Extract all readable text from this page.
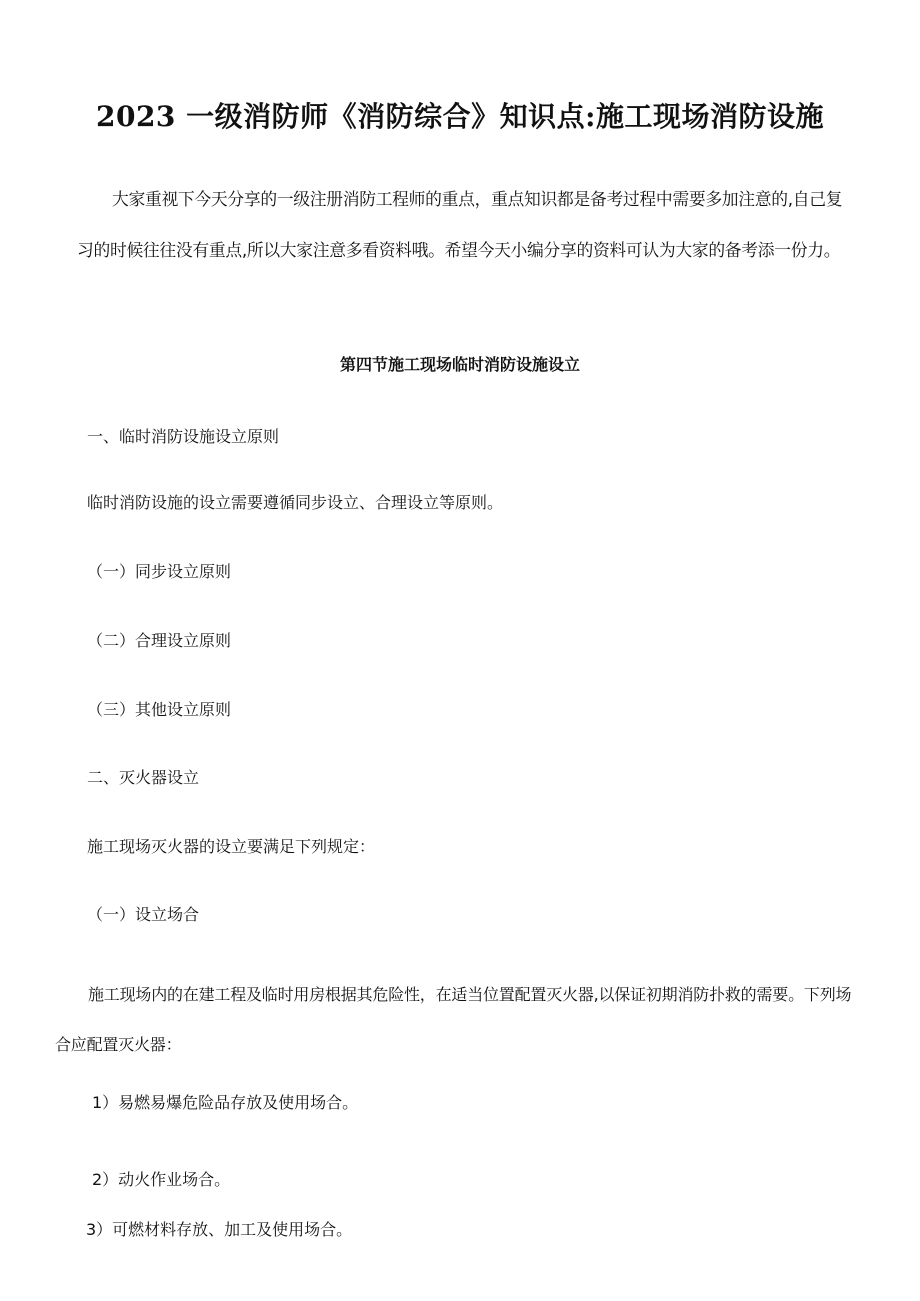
2023 一级消防师《消防综合》知识点:施工现场消防设施

大家重视下今天分享的一级注册消防工程师的重点，重点知识都是备考过程中需要多加注意的,自己复习的时候往往没有重点,所以大家注意多看资料哦。希望今天小编分享的资料可认为大家的备考添一份力。

第四节施工现场临时消防设施设立

一、临时消防设施设立原则

临时消防设施的设立需要遵循同步设立、合理设立等原则。

（一）同步设立原则

（二）合理设立原则

（三）其他设立原则

二、灭火器设立

施工现场灭火器的设立要满足下列规定：

（一）设立场合

施工现场内的在建工程及临时用房根据其危险性，在适当位置配置灭火器,以保证初期消防扑救的需要。下列场合应配置灭火器：

1）易燃易爆危险品存放及使用场合。

2）动火作业场合。

3）可燃材料存放、加工及使用场合。
